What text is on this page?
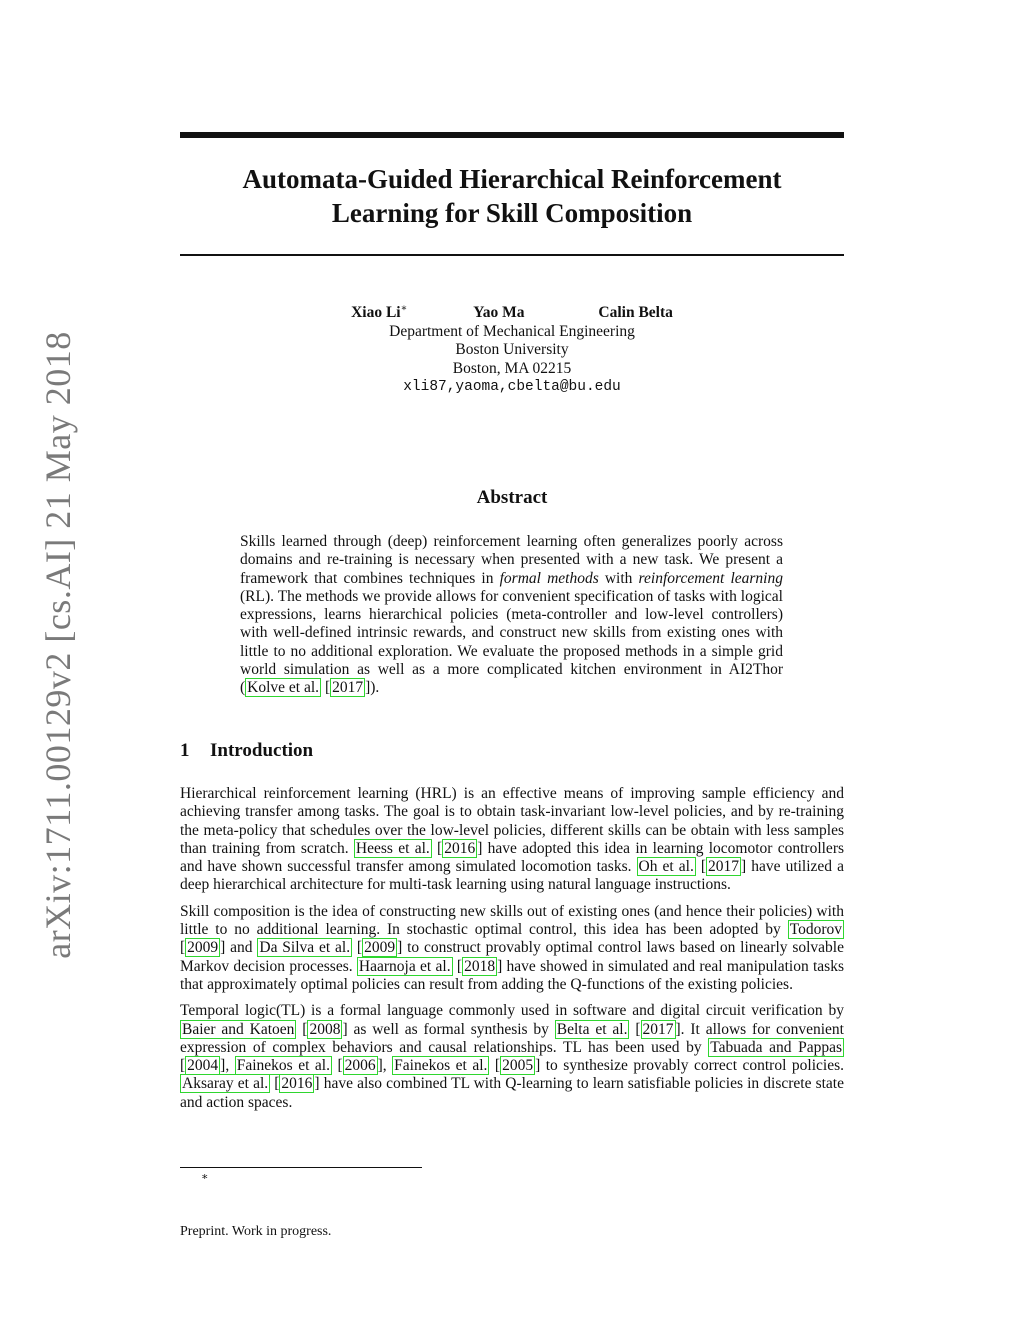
arXiv:1711.00129v2 [cs.AI] 21 May 2018
Automata-Guided Hierarchical Reinforcement
Learning for Skill Composition
Xiao Li∗	Yao Ma	Calin Belta
Department of Mechanical Engineering
Boston University
Boston, MA 02215
xli87,yaoma,cbelta@bu.edu
Abstract
Skills learned through (deep) reinforcement learning often generalizes poorly across domains and re-training is necessary when presented with a new task. We present a framework that combines techniques in formal methods with reinforcement learning (RL). The methods we provide allows for convenient specification of tasks with logical expressions, learns hierarchical policies (meta-controller and low-level controllers) with well-defined intrinsic rewards, and construct new skills from existing ones with little to no additional exploration. We evaluate the proposed methods in a simple grid world simulation as well as a more complicated kitchen environment in AI2Thor ( Kolve et al. [ 2017 ]).
1 Introduction

Hierarchical reinforcement learning (HRL) is an effective means of improving sample efficiency and achieving transfer among tasks. The goal is to obtain task-invariant low-level policies, and by re-training the meta-policy that schedules over the low-level policies, different skills can be obtain with less samples than training from scratch. Heess et al. [ 2016 ] have adopted this idea in learning locomotor controllers and have shown successful transfer among simulated locomotion tasks. Oh et al. [ 2017 ] have utilized a deep hierarchical architecture for multi-task learning using natural language instructions.

Skill composition is the idea of constructing new skills out of existing ones (and hence their policies) with little to no additional learning. In stochastic optimal control, this idea has been adopted by Todorov [ 2009 ] and Da Silva et al. [ 2009 ] to construct provably optimal control laws based on linearly solvable Markov decision processes. Haarnoja et al. [ 2018 ] have showed in simulated and real manipulation tasks that approximately optimal policies can result from adding the Q-functions of the existing policies.

Temporal logic(TL) is a formal language commonly used in software and digital circuit verification by Baier and Katoen [ 2008 ] as well as formal synthesis by Belta et al. [ 2017 ]. It allows for convenient expression of complex behaviors and causal relationships. TL has been used by Tabuada and Pappas [ 2004 ], Fainekos et al. [ 2006 ], Fainekos et al. [ 2005 ] to synthesize provably correct control policies. Aksaray et al. [ 2016 ] have also combined TL with Q-learning to learn satisfiable policies in discrete state and action spaces.

∗
Preprint. Work in progress.
